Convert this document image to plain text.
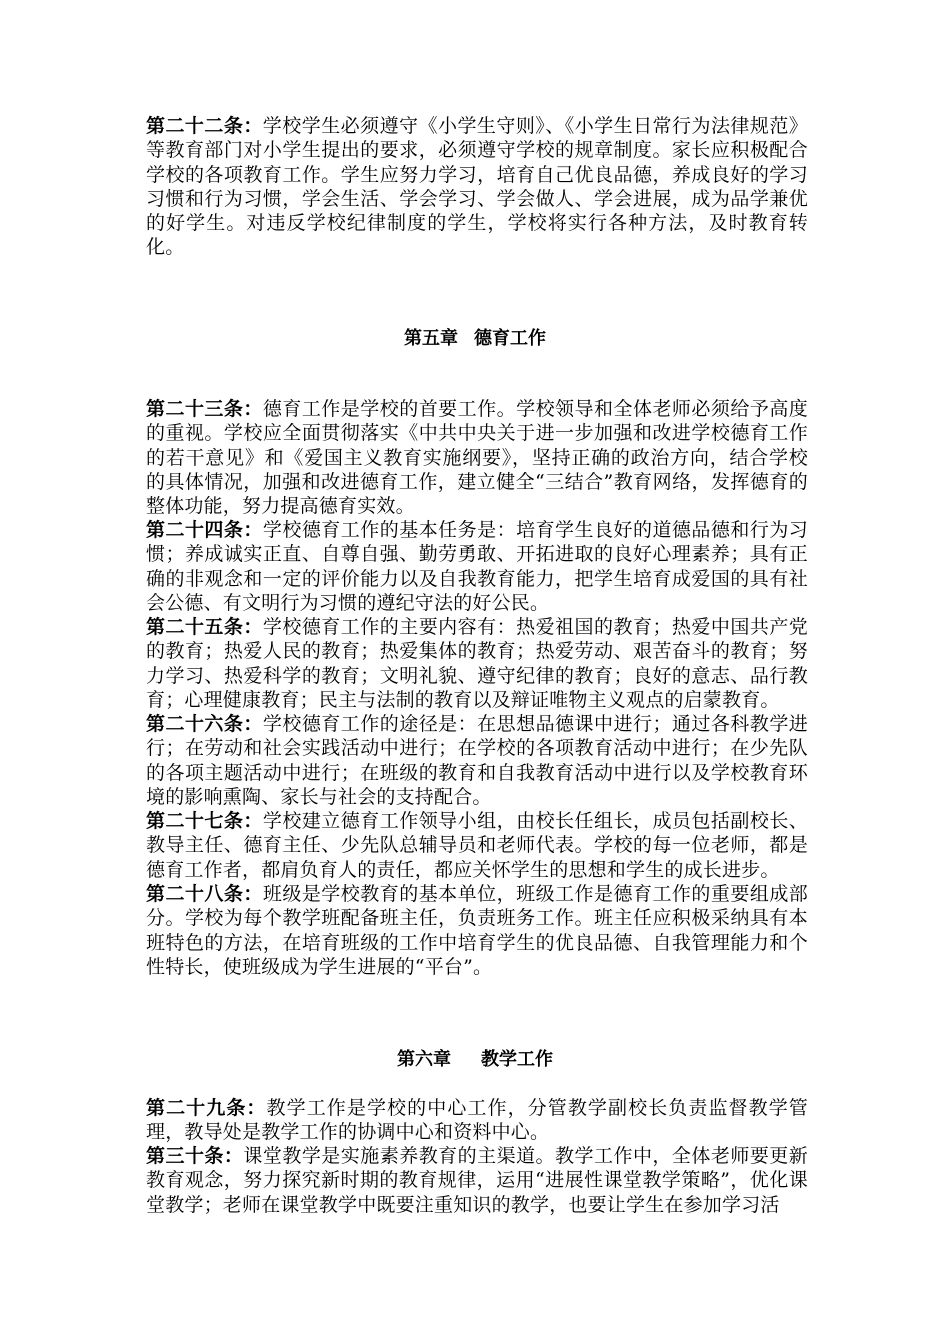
第二十二条：学校学生必须遵守《小学生守则》、《小学生日常行为法律规范》等教育部门对小学生提出的要求，必须遵守学校的规章制度。家长应积极配合学校的各项教育工作。学生应努力学习，培育自己优良品德，养成良好的学习习惯和行为习惯，学会生活、学会学习、学会做人、学会进展，成为品学兼优的好学生。对违反学校纪律制度的学生，学校将实行各种方法，及时教育转化。

第五章 德育工作

第二十三条：德育工作是学校的首要工作。学校领导和全体老师必须给予高度的重视。学校应全面贯彻落实《中共中央关于进一步加强和改进学校德育工作的若干意见》和《爱国主义教育实施纲要》，坚持正确的政治方向，结合学校的具体情况，加强和改进德育工作，建立健全“三结合”教育网络，发挥德育的整体功能，努力提高德育实效。

第二十四条：学校德育工作的基本任务是：培育学生良好的道德品德和行为习惯；养成诚实正直、自尊自强、勤劳勇敢、开拓进取的良好心理素养；具有正确的非观念和一定的评价能力以及自我教育能力，把学生培育成爱国的具有社会公德、有文明行为习惯的遵纪守法的好公民。

第二十五条：学校德育工作的主要内容有：热爱祖国的教育；热爱中国共产党的教育；热爱人民的教育；热爱集体的教育；热爱劳动、艰苦奋斗的教育；努力学习、热爱科学的教育；文明礼貌、遵守纪律的教育；良好的意志、品行教育；心理健康教育；民主与法制的教育以及辩证唯物主义观点的启蒙教育。

第二十六条：学校德育工作的途径是：在思想品德课中进行；通过各科教学进行；在劳动和社会实践活动中进行；在学校的各项教育活动中进行；在少先队的各项主题活动中进行；在班级的教育和自我教育活动中进行以及学校教育环境的影响熏陶、家长与社会的支持配合。

第二十七条：学校建立德育工作领导小组，由校长任组长，成员包括副校长、教导主任、德育主任、少先队总辅导员和老师代表。学校的每一位老师，都是德育工作者，都肩负育人的责任，都应关怀学生的思想和学生的成长进步。

第二十八条：班级是学校教育的基本单位，班级工作是德育工作的重要组成部分。学校为每个教学班配备班主任，负责班务工作。班主任应积极采纳具有本班特色的方法，在培育班级的工作中培育学生的优良品德、自我管理能力和个性特长，使班级成为学生进展的“平台”。

第六章 教学工作

第二十九条：教学工作是学校的中心工作，分管教学副校长负责监督教学管理，教导处是教学工作的协调中心和资料中心。

第三十条：课堂教学是实施素养教育的主渠道。教学工作中，全体老师要更新教育观念，努力探究新时期的教育规律，运用“进展性课堂教学策略”，优化课堂教学；老师在课堂教学中既要注重知识的教学，也要让学生在参加学习活
